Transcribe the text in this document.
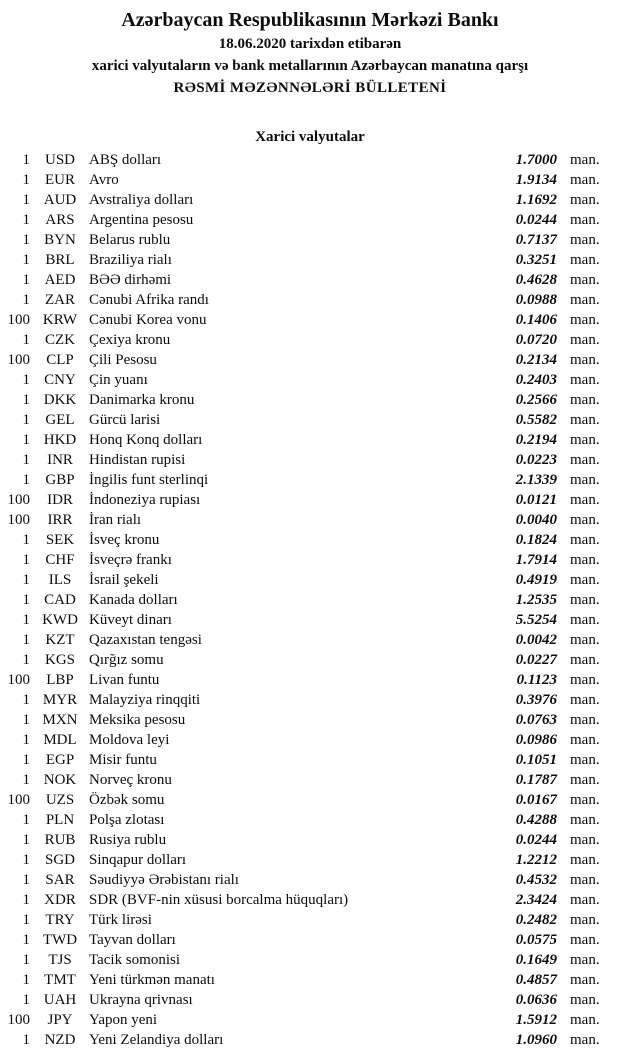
Azərbaycan Respublikasının Mərkəzi Bankı
18.06.2020 tarixdən etibarən
xarici valyutaların və bank metallarının Azərbaycan manatına qarşı
RƏSMİ MƏZƏNNƏLƏRİ BÜLLETENİ
Xarici valyutalar
1 USD ABŞ dolları	1.7000 man.
1	EUR Avro	1.9134 man.
1 AUD Avstraliya dolları	1.1692 man.
1	ARS Argentina pesosu	0.0244 man.
1 BYN Belarus rublu	0.7137 man.
1	BRL Braziliya rialı	0.3251 man.
1 AED BƏƏ dirhəmi	0.4628 man.
1	ZAR Cənubi Afrika randı	0.0988 man.
100 KRW Cənubi Korea vonu	0.1406 man.
1	CZK Çexiya kronu	0.0720 man.
100	CLP	Çili Pesosu	0.2134 man.
1 CNY Çin yuanı	0.2403 man.
1 DKK Danimarka kronu	0.2566 man.
1	GEL Gürcü larisi	0.5582 man.
1 HKD Honq Konq dolları	0.2194 man.
1	INR	Hindistan rupisi	0.0223 man.
1	GBP İngilis funt sterlinqi	2.1339 man.
100	IDR	İndoneziya rupiası	0.0121 man.
100	IRR	İran rialı	0.0040 man.
1	SEK İsveç kronu	0.1824 man.
1	CHF İsveçrə frankı	1.7914 man.
1	ILS	İsrail şekeli	0.4919 man.
1 CAD Kanada dolları	1.2535 man.
1 KWD Küveyt dinarı	5.5254 man.
1	KZT Qazaxıstan tengəsi	0.0042 man.
1 KGS Qırğız somu	0.0227 man.
100	LBP	Livan funtu	0.1123 man.
1 MYR Malayziya rinqqiti	0.3976 man.
1 MXN Meksika pesosu	0.0763 man.
1 MDL Moldova leyi	0.0986 man.
1	EGP Misir funtu	0.1051 man.
1 NOK Norveç kronu	0.1787 man.
100	UZS Özbək somu	0.0167 man.
1	PLN Polşa zlotası	0.4288 man.
1 RUB Rusiya rublu	0.0244 man.
1 SGD Sinqapur dolları	1.2212 man.
1	SAR Səudiyyə Ərəbistanı rialı	0.4532 man.
1 XDR SDR (BVF-nin xüsusi borcalma hüquqları)	2.3424 man.
1	TRY Türk lirəsi	0.2482 man.
1 TWD Tayvan dolları	0.0575 man.
1	TJS	Tacik somonisi	0.1649 man.
1 TMT Yeni türkmən manatı	0.4857 man.
1 UAH Ukrayna qrivnası	0.0636 man.
100	JPY	Yapon yeni	1.5912 man.
1 NZD Yeni Zelandiya dolları	1.0960 man.
